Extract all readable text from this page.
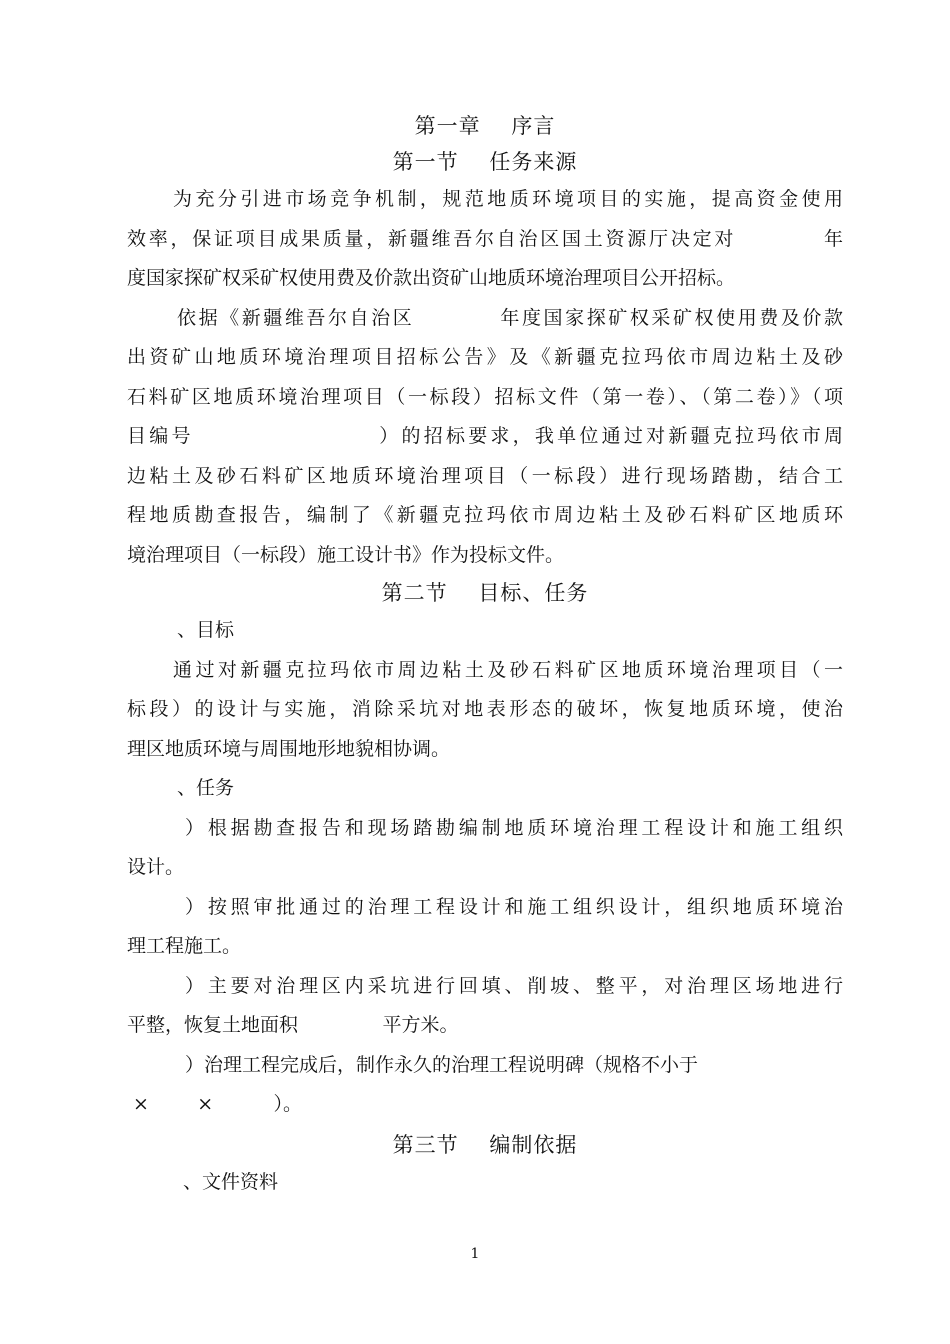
第一章    序言
第一节    任务来源
为充分引进市场竞争机制，规范地质环境项目的实施，提高资金使用
效率，保证项目成果质量，新疆维吾尔自治区国土资源厅决定对          年
度国家探矿权采矿权使用费及价款出资矿山地质环境治理项目公开招标。
依据《新疆维吾尔自治区          年度国家探矿权采矿权使用费及价款
出资矿山地质环境治理项目招标公告》及《新疆克拉玛依市周边粘土及砂
石料矿区地质环境治理项目（一标段）招标文件（第一卷）、（第二卷）》（项
目编号                    ）的招标要求，我单位通过对新疆克拉玛依市周
边粘土及砂石料矿区地质环境治理项目（一标段）进行现场踏勘，结合工
程地质勘查报告，编制了《新疆克拉玛依市周边粘土及砂石料矿区地质环
境治理项目（一标段）施工设计书》作为投标文件。
第二节    目标、任务
、目标
通过对新疆克拉玛依市周边粘土及砂石料矿区地质环境治理项目（一
标段）的设计与实施，消除采坑对地表形态的破坏，恢复地质环境，使治
理区地质环境与周围地形地貌相协调。
、任务
）根据勘查报告和现场踏勘编制地质环境治理工程设计和施工组织
设计。
）按照审批通过的治理工程设计和施工组织设计，组织地质环境治
理工程施工。
）主要对治理区内采坑进行回填、削坡、整平，对治理区场地进行
平整，恢复土地面积              平方米。
）治理工程完成后，制作永久的治理工程说明碑（规格不小于
×        ×          ）。
第三节    编制依据
、文件资料
1
